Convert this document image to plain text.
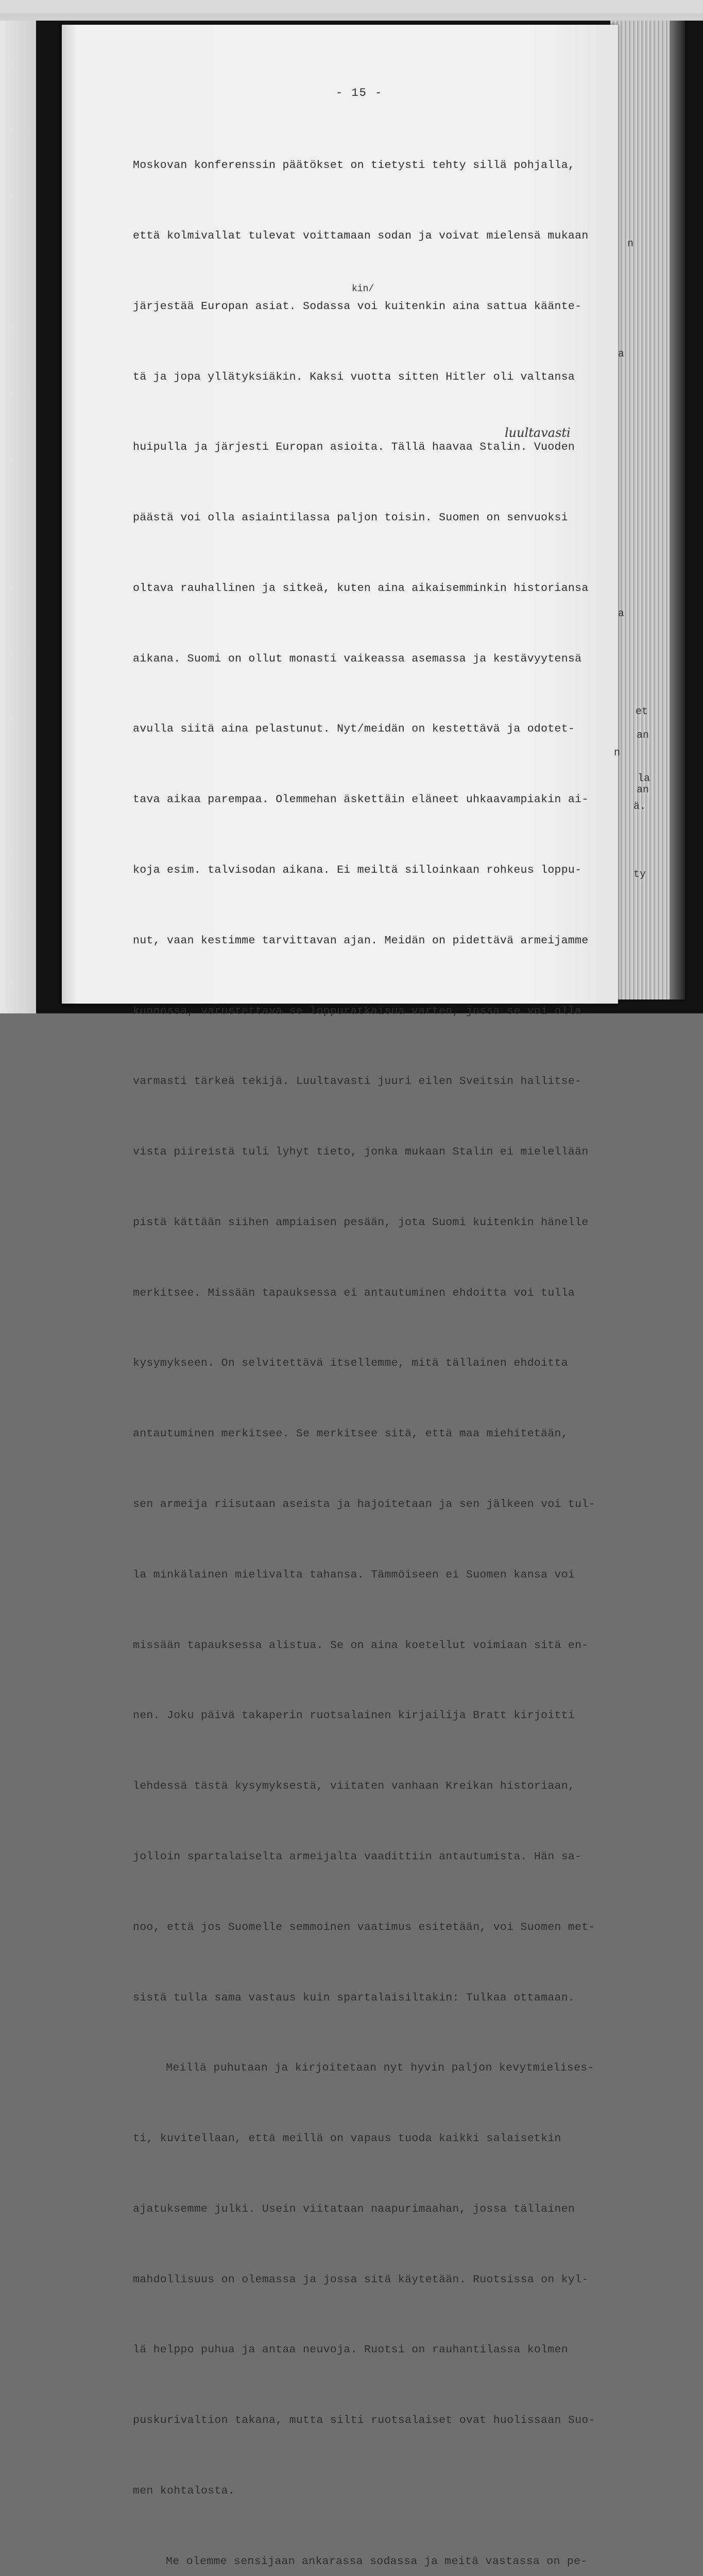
- 15 -
kin/
luultavasti

Moskovan konferenssin päätökset on tietysti tehty sillä pohjalla,

että kolmivallat tulevat voittamaan sodan ja voivat mielensä mukaan

järjestää Europan asiat. Sodassa voi kuitenkin aina sattua käänte-

tä ja jopa yllätyksiäkin. Kaksi vuotta sitten Hitler oli valtansa

huipulla ja järjesti Europan asioita. Tällä haavaa Stalin. Vuoden

päästä voi olla asiaintilassa paljon toisin. Suomen on senvuoksi

oltava rauhallinen ja sitkeä, kuten aina aikaisemminkin historiansa

aikana. Suomi on ollut monasti vaikeassa asemassa ja kestävyytensä

avulla siitä aina pelastunut. Nyt/meidän on kestettävä ja odotet-

tava aikaa parempaa. Olemmehan äskettäin eläneet uhkaavampiakin ai-

koja esim. talvisodan aikana. Ei meiltä silloinkaan rohkeus loppu-

nut, vaan kestimme tarvittavan ajan. Meidän on pidettävä armeijamme

kunnossa, varustettava se loppuratkaisua varten, jossa se voi olla

varmasti tärkeä tekijä. Luultavasti juuri eilen Sveitsin hallitse-

vista piireistä tuli lyhyt tieto, jonka mukaan Stalin ei mielellään

pistä kättään siihen ampiaisen pesään, jota Suomi kuitenkin hänelle

merkitsee. Missään tapauksessa ei antautuminen ehdoitta voi tulla

kysymykseen. On selvitettävä itsellemme, mitä tällainen ehdoitta

antautuminen merkitsee. Se merkitsee sitä, että maa miehitetään,

sen armeija riisutaan aseista ja hajoitetaan ja sen jälkeen voi tul-

la minkälainen mielivalta tahansa. Tämmöiseen ei Suomen kansa voi

missään tapauksessa alistua. Se on aina koetellut voimiaan sitä en-

nen. Joku päivä takaperin ruotsalainen kirjailija Bratt kirjoitti

lehdessä tästä kysymyksestä, viitaten vanhaan Kreikan historiaan,

jolloin spartalaiselta armeijalta vaadittiin antautumista. Hän sa-

noo, että jos Suomelle semmoinen vaatimus esitetään, voi Suomen met-

sistä tulla sama vastaus kuin spartalaisiltakin: Tulkaa ottamaan.

Meillä puhutaan ja kirjoitetaan nyt hyvin paljon kevytmielises-

ti, kuvitellaan, että meillä on vapaus tuoda kaikki salaisetkin

ajatuksemme julki. Usein viitataan naapurimaahan, jossa tällainen

mahdollisuus on olemassa ja jossa sitä käytetään. Ruotsissa on kyl-

lä helppo puhua ja antaa neuvoja. Ruotsi on rauhantilassa kolmen

puskurivaltion takana, mutta silti ruotsalaiset ovat huolissaan Suo-

men kohtalosta.

Me olemme sensijaan ankarassa sodassa ja meitä vastassa on pe-

n
a
a
et
an
n
la
an
ä.
ty
